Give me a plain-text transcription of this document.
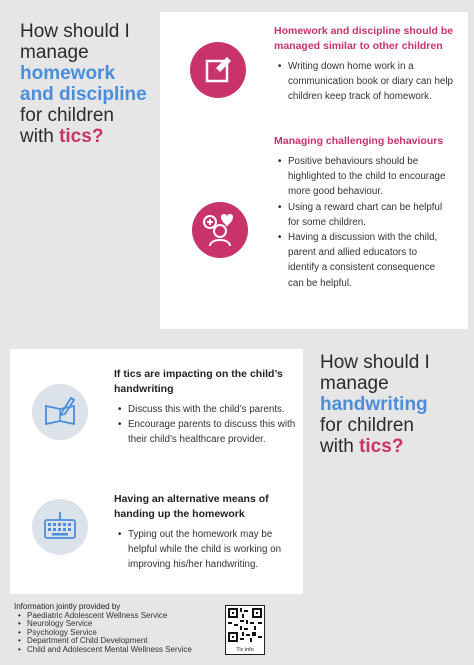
How should I
manage
homework
and discipline
for children
with tics?
Homework and discipline should be managed similar to other children
• Writing down home work in a communication book or diary can help children keep track of homework.
Managing challenging behaviours
• Positive behaviours should be highlighted to the child to encourage more good behaviour.
• Using a reward chart can be helpful for some children.
• Having a discussion with the child, parent and allied educators to identify a consistent consequence can be helpful.
If tics are impacting on the child’s handwriting
• Discuss this with the child’s parents.
• Encourage parents to discuss this with their child’s healthcare provider.
Having an alternative means of handing up the homework
• Typing out the homework may be helpful while the child is working on improving his/her handwriting.
How should I
manage
handwriting
for children
with tics?
Information jointly provided by
• Paediatric Adolescent Wellness Service
• Neurology Service
• Psychology Service
• Department of Child Development
• Child and Adolescent Mental Wellness Service	Tic info
